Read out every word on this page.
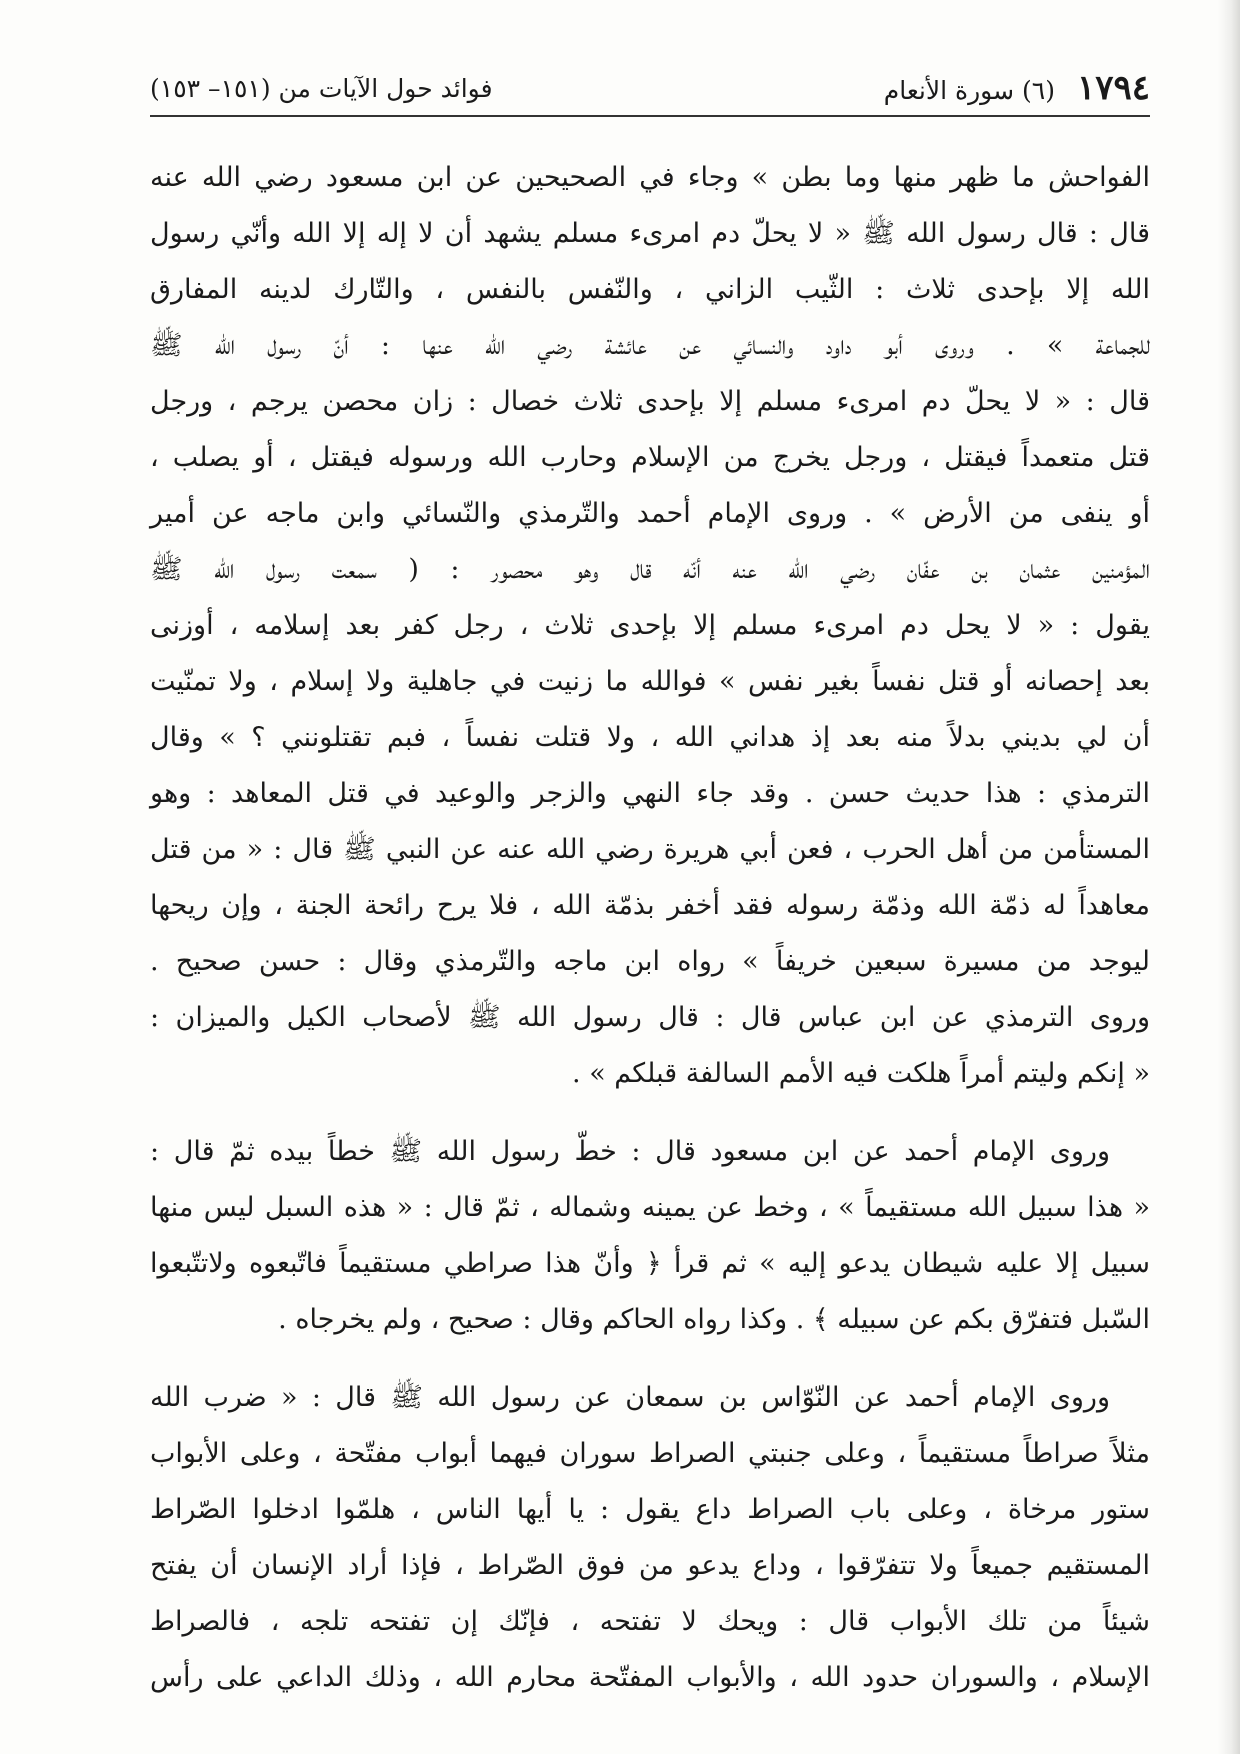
١٧٩٤
(٦) سورة الأنعام
فوائد حول الآيات من (١٥١– ١٥٣)

الفواحش ما ظهر منها وما بطن » وجاء في الصحيحين عن ابن مسعود رضي الله عنه
قال : قال رسول الله ﷺ « لا يحلّ دم امرىء مسلم يشهد أن لا إله إلا الله وأنّي رسول
الله إلا بإحدى ثلاث : الثّيب الزاني ، والنّفس بالنفس ، والتّارك لدينه المفارق
للجماعة » . وروى أبو داود والنسائي عن عائشة رضي الله عنها : أنّ رسول الله ﷺ
قال : « لا يحلّ دم امرىء مسلم إلا بإحدى ثلاث خصال : زان محصن يرجم ، ورجل
قتل متعمداً فيقتل ، ورجل يخرج من الإسلام وحارب الله ورسوله فيقتل ، أو يصلب ،
أو ينفى من الأرض » . وروى الإمام أحمد والتّرمذي والنّسائي وابن ماجه عن أمير
المؤمنين عثمان بن عفّان رضي الله عنه أنّه قال وهو محصور : ( سمعت رسول الله ﷺ
يقول : « لا يحل دم امرىء مسلم إلا بإحدى ثلاث ، رجل كفر بعد إسلامه ، أوزنى
بعد إحصانه أو قتل نفساً بغير نفس » فوالله ما زنيت في جاهلية ولا إسلام ، ولا تمنّيت
أن لي بديني بدلاً منه بعد إذ هداني الله ، ولا قتلت نفساً ، فبم تقتلونني ؟ » وقال
الترمذي : هذا حديث حسن . وقد جاء النهي والزجر والوعيد في قتل المعاهد : وهو
المستأمن من أهل الحرب ، فعن أبي هريرة رضي الله عنه عن النبي ﷺ قال : « من قتل
معاهداً له ذمّة الله وذمّة رسوله فقد أخفر بذمّة الله ، فلا يرح رائحة الجنة ، وإن ريحها
ليوجد من مسيرة سبعين خريفاً » رواه ابن ماجه والتّرمذي وقال : حسن صحيح .
وروى الترمذي عن ابن عباس قال : قال رسول الله ﷺ لأصحاب الكيل والميزان :
« إنكم وليتم أمراً هلكت فيه الأمم السالفة قبلكم » .

وروى الإمام أحمد عن ابن مسعود قال : خطّ رسول الله ﷺ خطاً بيده ثمّ قال :
« هذا سبيل الله مستقيماً » ، وخط عن يمينه وشماله ، ثمّ قال : « هذه السبل ليس منها
سبيل إلا عليه شيطان يدعو إليه » ثم قرأ ﴿ وأنّ هذا صراطي مستقيماً فاتّبعوه ولاتتّبعوا
السّبل فتفرّق بكم عن سبيله ﴾ . وكذا رواه الحاكم وقال : صحيح ، ولم يخرجاه .

وروى الإمام أحمد عن النّوّاس بن سمعان عن رسول الله ﷺ قال : « ضرب الله
مثلاً صراطاً مستقيماً ، وعلى جنبتي الصراط سوران فيهما أبواب مفتّحة ، وعلى الأبواب
ستور مرخاة ، وعلى باب الصراط داع يقول : يا أيها الناس ، هلمّوا ادخلوا الصّراط
المستقيم جميعاً ولا تتفرّقوا ، وداع يدعو من فوق الصّراط ، فإذا أراد الإنسان أن يفتح
شيئاً من تلك الأبواب قال : ويحك لا تفتحه ، فإنّك إن تفتحه تلجه ، فالصراط
الإسلام ، والسوران حدود الله ، والأبواب المفتّحة محارم الله ، وذلك الداعي على رأس
